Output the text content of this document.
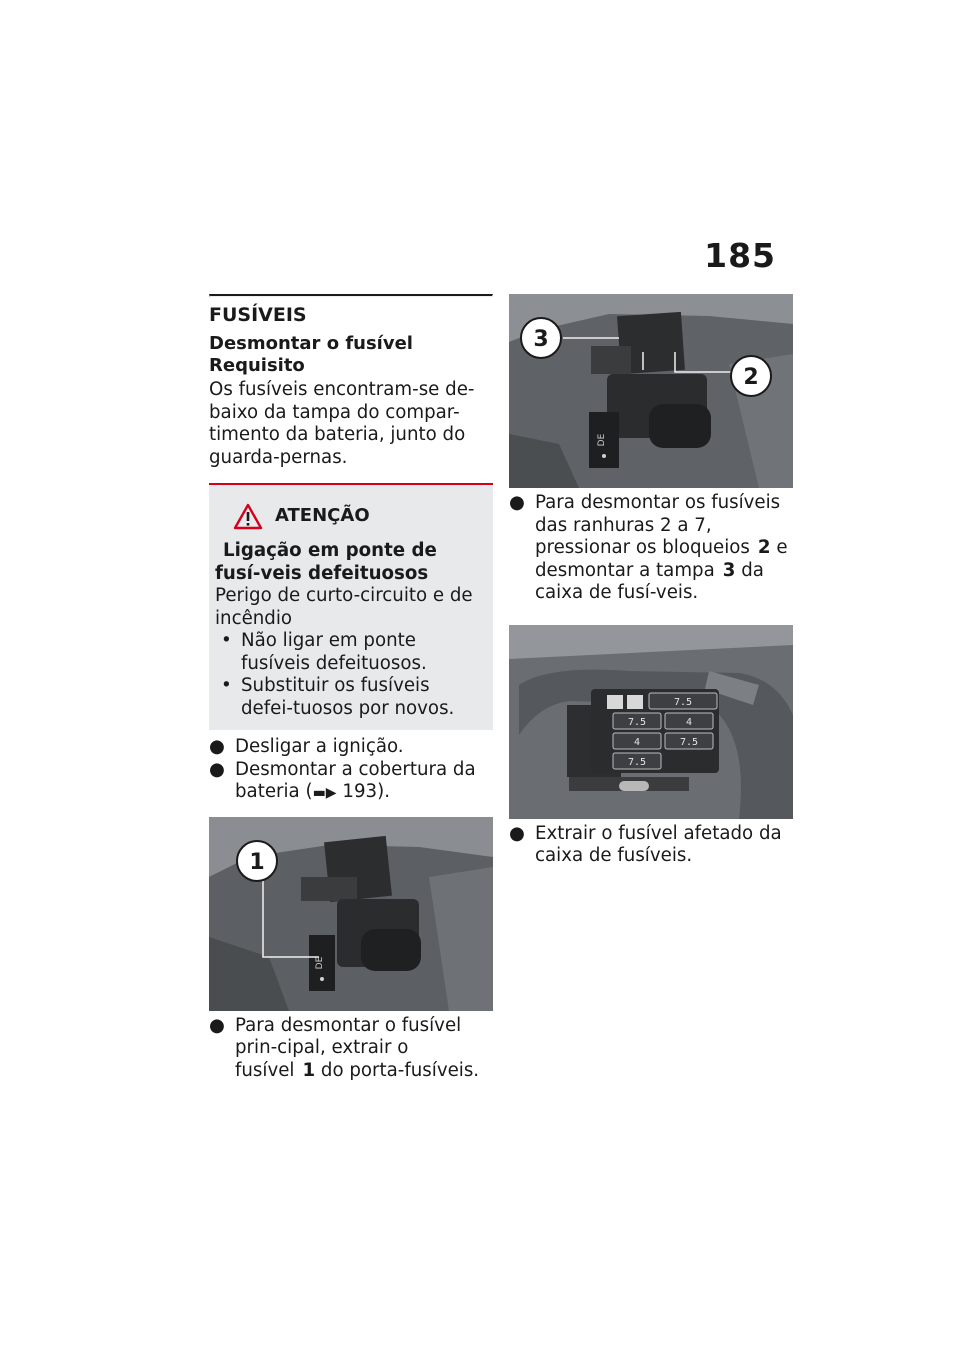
185
FUSÍVEIS
Desmontar o fusível
Requisito
Os fusíveis encontram-se de-baixo da tampa do compar-timento da bateria, junto do guarda-pernas.
ATENÇÃO
Ligação em ponte de fusí-veis defeituosos
Perigo de curto-circuito e de incêndio
• Não ligar em ponte fusíveis defeituosos.
• Substituir os fusíveis defei-tuosos por novos.
● Desligar a ignição.
● Desmontar a cobertura da
bateria (▬▶ 193).
DE
1
● Para desmontar o fusível prin-cipal, extrair o fusível 1 do porta-fusíveis.
DE
3
2
● Para desmontar os fusíveis das ranhuras 2 a 7, pressionar os bloqueios 2 e desmontar a tampa 3 da caixa de fusí-veis.
7.5
7.5	4
4	7.5
7.5
● Extrair o fusível afetado da caixa de fusíveis.
